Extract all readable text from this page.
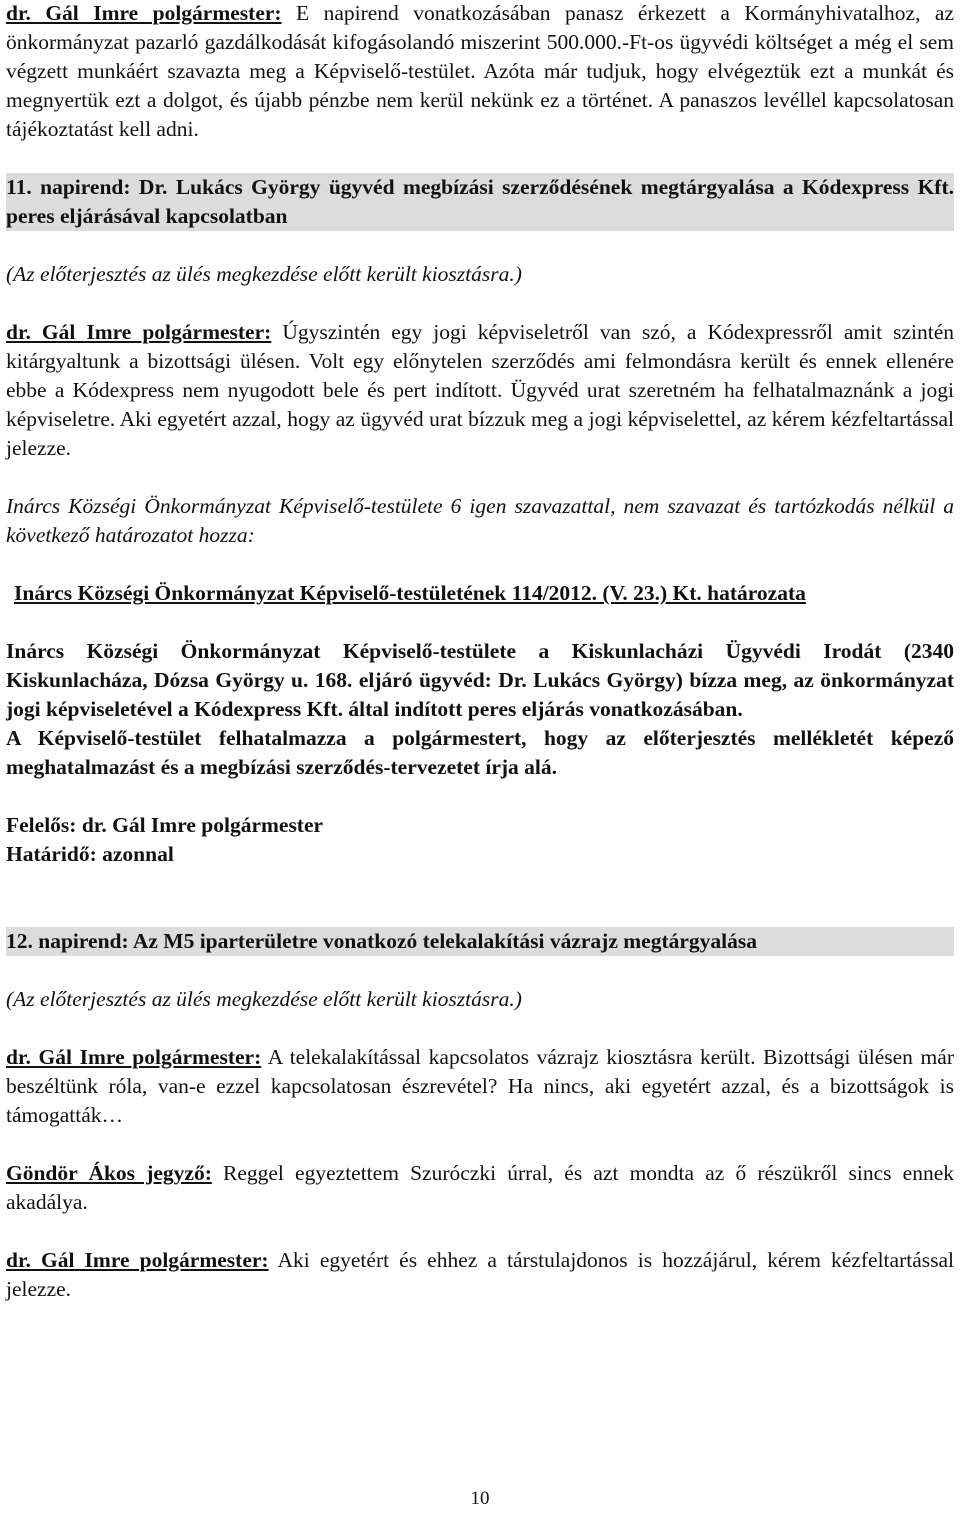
dr. Gál Imre polgármester: E napirend vonatkozásában panasz érkezett a Kormányhivatalhoz, az önkormányzat pazarló gazdálkodását kifogásolandó miszerint 500.000.-Ft-os ügyvédi költséget a még el sem végzett munkáért szavazta meg a Képviselő-testület. Azóta már tudjuk, hogy elvégeztük ezt a munkát és megnyertük ezt a dolgot, és újabb pénzbe nem kerül nekünk ez a történet. A panaszos levéllel kapcsolatosan tájékoztatást kell adni.

11. napirend: Dr. Lukács György ügyvéd megbízási szerződésének megtárgyalása a Kódexpress Kft. peres eljárásával kapcsolatban

(Az előterjesztés az ülés megkezdése előtt került kiosztásra.)

dr. Gál Imre polgármester: Úgyszintén egy jogi képviseletről van szó, a Kódexpressről amit szintén kitárgyaltunk a bizottsági ülésen. Volt egy előnytelen szerződés ami felmondásra került és ennek ellenére ebbe a Kódexpress nem nyugodott bele és pert indított. Ügyvéd urat szeretném ha felhatalmaznánk a jogi képviseletre. Aki egyetért azzal, hogy az ügyvéd urat bízzuk meg a jogi képviselettel, az kérem kézfeltartással jelezze.

Inárcs Községi Önkormányzat Képviselő-testülete 6 igen szavazattal, nem szavazat és tartózkodás nélkül a következő határozatot hozza:

Inárcs Községi Önkormányzat Képviselő-testületének 114/2012. (V. 23.) Kt. határozata

Inárcs Községi Önkormányzat Képviselő-testülete a Kiskunlacházi Ügyvédi Irodát (2340 Kiskunlacháza, Dózsa György u. 168. eljáró ügyvéd: Dr. Lukács György) bízza meg, az önkormányzat jogi képviseletével a Kódexpress Kft. által indított peres eljárás vonatkozásában.

A Képviselő-testület felhatalmazza a polgármestert, hogy az előterjesztés mellékletét képező meghatalmazást és a megbízási szerződés-tervezetet írja alá.

Felelős: dr. Gál Imre polgármester

Határidő: azonnal

12. napirend: Az M5 iparterületre vonatkozó telekalakítási vázrajz megtárgyalása

(Az előterjesztés az ülés megkezdése előtt került kiosztásra.)

dr. Gál Imre polgármester: A telekalakítással kapcsolatos vázrajz kiosztásra került. Bizottsági ülésen már beszéltünk róla, van-e ezzel kapcsolatosan észrevétel? Ha nincs, aki egyetért azzal, és a bizottságok is támogatták…

Göndör Ákos jegyző: Reggel egyeztettem Szuróczki úrral, és azt mondta az ő részükről sincs ennek akadálya.

dr. Gál Imre polgármester: Aki egyetért és ehhez a társtulajdonos is hozzájárul, kérem kézfeltartással jelezze.

10
